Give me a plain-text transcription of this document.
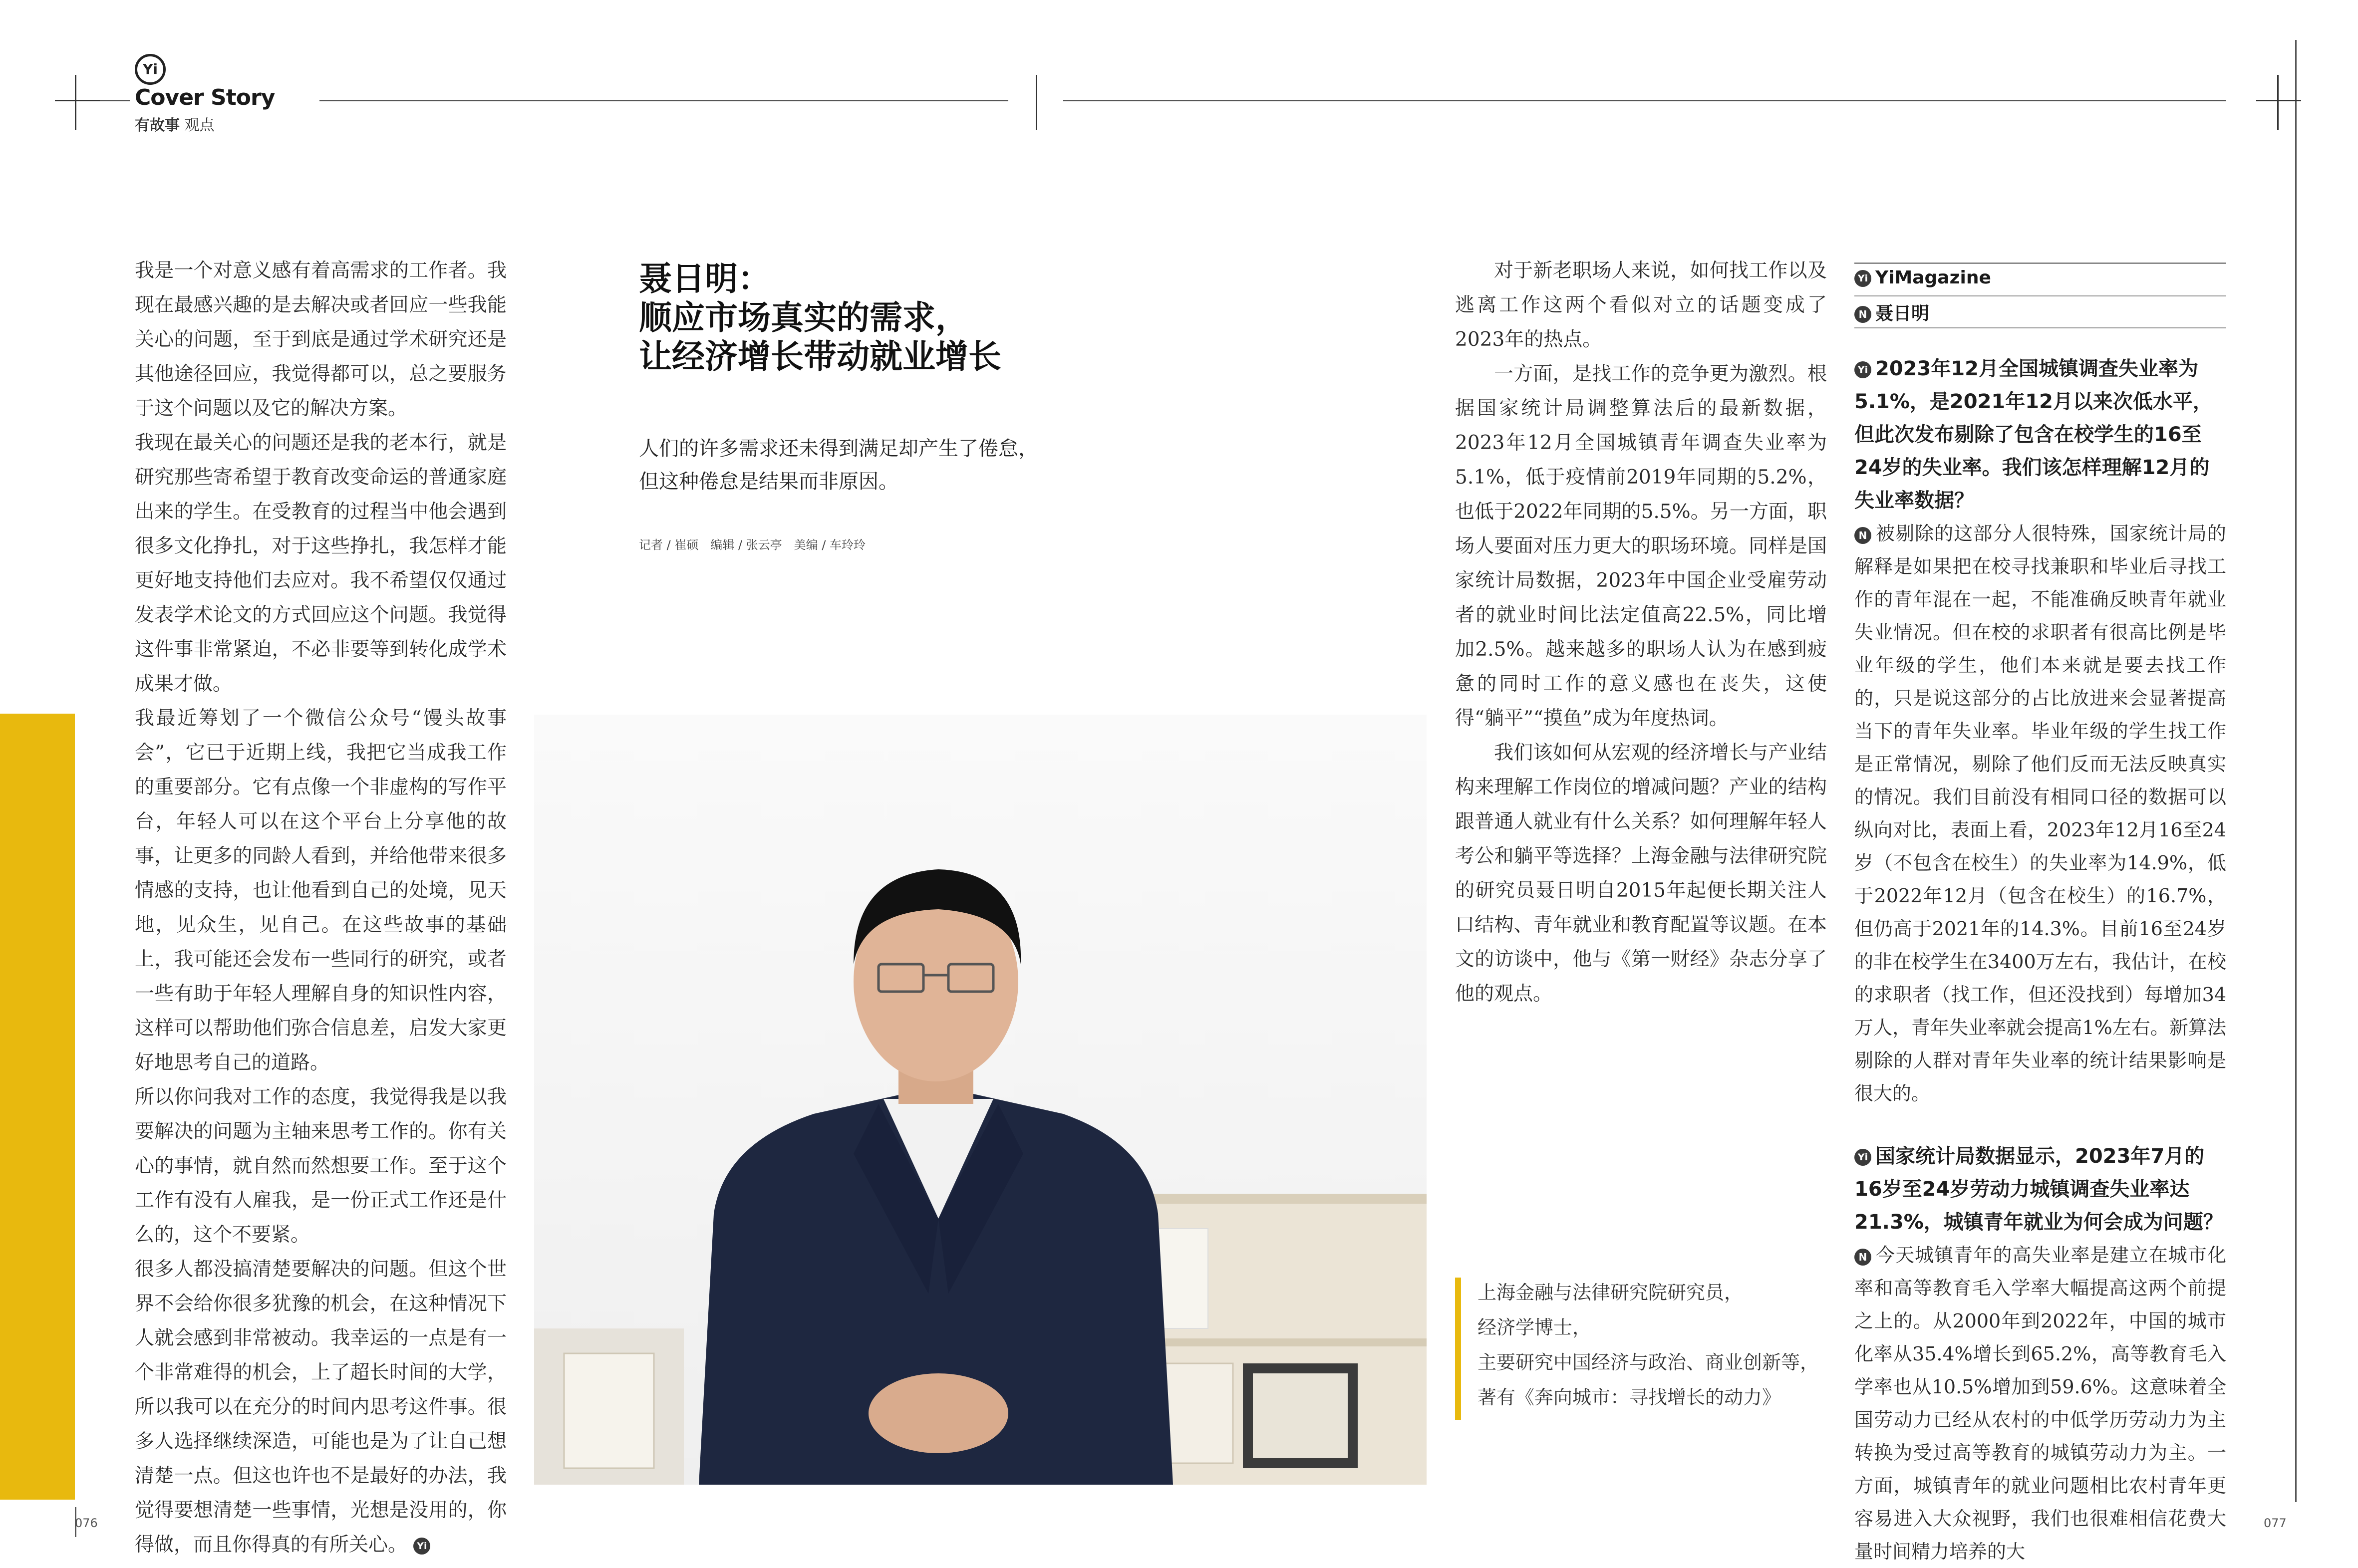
Yi
Cover Story
有故事 观点

我是一个对意义感有着高需求的工作者。我现在最感兴趣的是去解决或者回应一些我能关心的问题，至于到底是通过学术研究还是其他途径回应，我觉得都可以，总之要服务于这个问题以及它的解决方案。

我现在最关心的问题还是我的老本行，就是研究那些寄希望于教育改变命运的普通家庭出来的学生。在受教育的过程当中他会遇到很多文化挣扎，对于这些挣扎，我怎样才能更好地支持他们去应对。我不希望仅仅通过发表学术论文的方式回应这个问题。我觉得这件事非常紧迫，不必非要等到转化成学术成果才做。

我最近筹划了一个微信公众号“馒头故事会”，它已于近期上线，我把它当成我工作的重要部分。它有点像一个非虚构的写作平台，年轻人可以在这个平台上分享他的故事，让更多的同龄人看到，并给他带来很多情感的支持，也让他看到自己的处境，见天地，见众生，见自己。在这些故事的基础上，我可能还会发布一些同行的研究，或者一些有助于年轻人理解自身的知识性内容，这样可以帮助他们弥合信息差，启发大家更好地思考自己的道路。

所以你问我对工作的态度，我觉得我是以我要解决的问题为主轴来思考工作的。你有关心的事情，就自然而然想要工作。至于这个工作有没有人雇我，是一份正式工作还是什么的，这个不要紧。

很多人都没搞清楚要解决的问题。但这个世界不会给你很多犹豫的机会，在这种情况下人就会感到非常被动。我幸运的一点是有一个非常难得的机会，上了超长时间的大学，所以我可以在充分的时间内思考这件事。很多人选择继续深造，可能也是为了让自己想清楚一点。但这也许也不是最好的办法，我觉得要想清楚一些事情，光想是没用的，你得做，而且你得真的有所关心。 Yi

聂日明：
顺应市场真实的需求，
让经济增长带动就业增长
人们的许多需求还未得到满足却产生了倦怠，
但这种倦怠是结果而非原因。
记者 / 崔硕　编辑 / 张云亭　美编 / 车玲玲

对于新老职场人来说，如何找工作以及逃离工作这两个看似对立的话题变成了2023年的热点。

一方面，是找工作的竞争更为激烈。根据国家统计局调整算法后的最新数据，2023年12月全国城镇青年调查失业率为5.1%，低于疫情前2019年同期的5.2%，也低于2022年同期的5.5%。另一方面，职场人要面对压力更大的职场环境。同样是国家统计局数据，2023年中国企业受雇劳动者的就业时间比法定值高22.5%，同比增加2.5%。越来越多的职场人认为在感到疲惫的同时工作的意义感也在丧失，这使得“躺平”“摸鱼”成为年度热词。

我们该如何从宏观的经济增长与产业结构来理解工作岗位的增减问题？产业的结构跟普通人就业有什么关系？如何理解年轻人考公和躺平等选择？上海金融与法律研究院的研究员聂日明自2015年起便长期关注人口结构、青年就业和教育配置等议题。在本文的访谈中，他与《第一财经》杂志分享了他的观点。

上海金融与法律研究院研究员，
经济学博士，
主要研究中国经济与政治、商业创新等，
著有《奔向城市：寻找增长的动力》
Yi YiMagazine
N 聂日明

Yi 2023年12月全国城镇调查失业率为5.1%，是2021年12月以来次低水平，但此次发布剔除了包含在校学生的16至24岁的失业率。我们该怎样理解12月的失业率数据？

N 被剔除的这部分人很特殊，国家统计局的解释是如果把在校寻找兼职和毕业后寻找工作的青年混在一起，不能准确反映青年就业失业情况。但在校的求职者有很高比例是毕业年级的学生，他们本来就是要去找工作的，只是说这部分的占比放进来会显著提高当下的青年失业率。毕业年级的学生找工作是正常情况，剔除了他们反而无法反映真实的情况。我们目前没有相同口径的数据可以纵向对比，表面上看，2023年12月16至24岁（不包含在校生）的失业率为14.9%，低于2022年12月（包含在校生）的16.7%，但仍高于2021年的14.3%。目前16至24岁的非在校学生在3400万左右，我估计，在校的求职者（找工作，但还没找到）每增加34万人，青年失业率就会提高1%左右。新算法剔除的人群对青年失业率的统计结果影响是很大的。

Yi 国家统计局数据显示，2023年7月的16岁至24岁劳动力城镇调查失业率达21.3%，城镇青年就业为何会成为问题？

N 今天城镇青年的高失业率是建立在城市化率和高等教育毛入学率大幅提高这两个前提之上的。从2000年到2022年，中国的城市化率从35.4%增长到65.2%，高等教育毛入学率也从10.5%增加到59.6%。这意味着全国劳动力已经从农村的中低学历劳动力为主转换为受过高等教育的城镇劳动力为主。一方面，城镇青年的就业问题相比农村青年更容易进入大众视野，我们也很难相信花费大量时间精力培养的大

076	077
